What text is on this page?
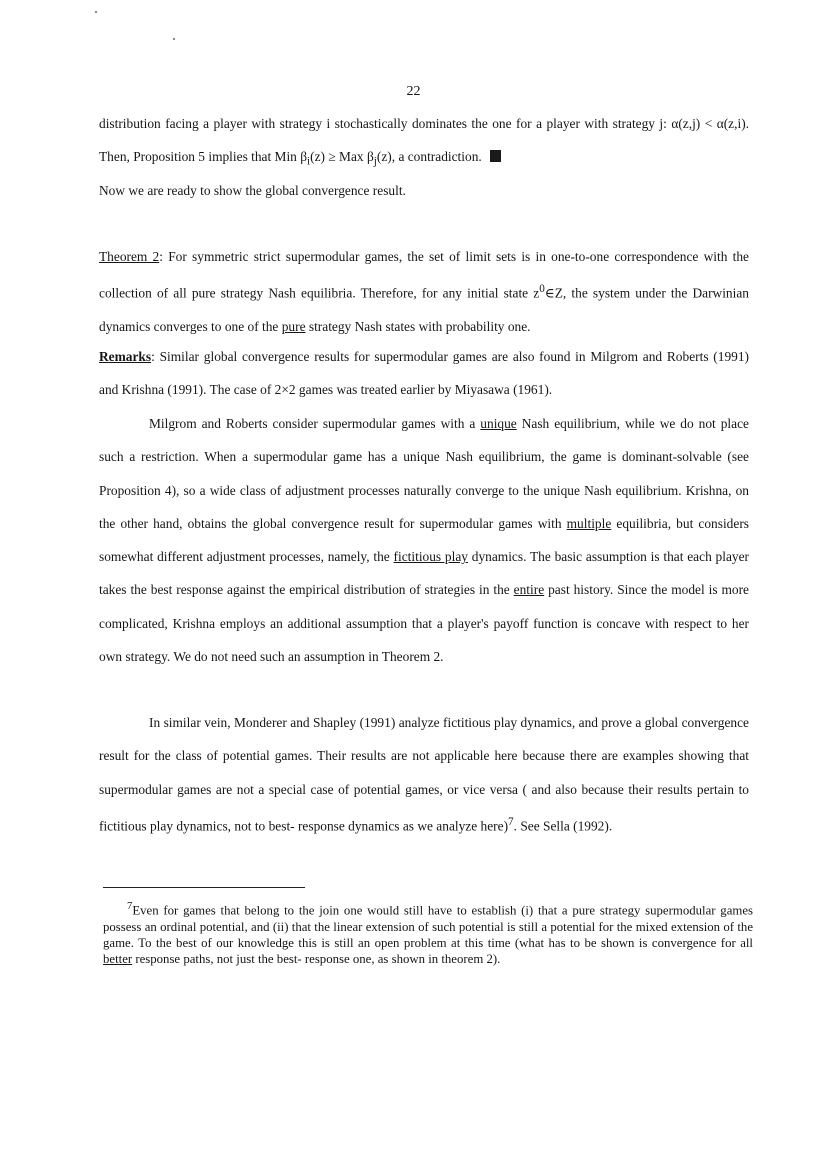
22

distribution facing a player with strategy i stochastically dominates the one for a player with strategy j: α(z,j) < α(z,i). Then, Proposition 5 implies that Min $\beta_i(z)$ ≥ Max $\beta_j(z)$, a contradiction.

Now we are ready to show the global convergence result.

Theorem 2: For symmetric strict supermodular games, the set of limit sets is in one-to-one correspondence with the collection of all pure strategy Nash equilibria. Therefore, for any initial state $z^0\in Z$, the system under the Darwinian dynamics converges to one of the pure strategy Nash states with probability one.

Remarks: Similar global convergence results for supermodular games are also found in Milgrom and Roberts (1991) and Krishna (1991). The case of 2×2 games was treated earlier by Miyasawa (1961).

Milgrom and Roberts consider supermodular games with a unique Nash equilibrium, while we do not place such a restriction. When a supermodular game has a unique Nash equilibrium, the game is dominant-solvable (see Proposition 4), so a wide class of adjustment processes naturally converge to the unique Nash equilibrium. Krishna, on the other hand, obtains the global convergence result for supermodular games with multiple equilibria, but considers somewhat different adjustment processes, namely, the fictitious play dynamics. The basic assumption is that each player takes the best response against the empirical distribution of strategies in the entire past history. Since the model is more complicated, Krishna employs an additional assumption that a player's payoff function is concave with respect to her own strategy. We do not need such an assumption in Theorem 2.

In similar vein, Monderer and Shapley (1991) analyze fictitious play dynamics, and prove a global convergence result for the class of potential games. Their results are not applicable here because there are examples showing that supermodular games are not a special case of potential games, or vice versa ( and also because their results pertain to fictitious play dynamics, not to best- response dynamics as we analyze here)$^7$. See Sella (1992).

$^7$Even for games that belong to the join one would still have to establish (i) that a pure strategy supermodular games possess an ordinal potential, and (ii) that the linear extension of such potential is still a potential for the mixed extension of the game. To the best of our knowledge this is still an open problem at this time (what has to be shown is convergence for all better response paths, not just the best- response one, as shown in theorem 2).
